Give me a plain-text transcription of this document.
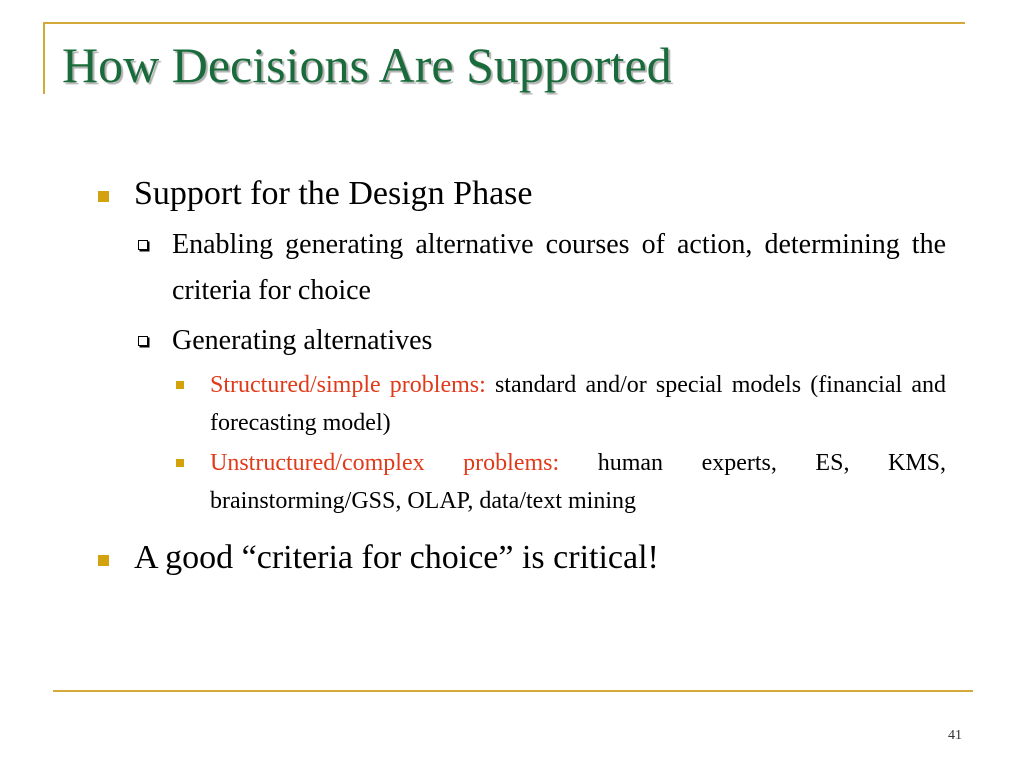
How Decisions Are Supported
Support for the Design Phase
Enabling generating alternative courses of action, determining the criteria for choice
Generating alternatives
Structured/simple problems: standard and/or special models (financial and forecasting model)
Unstructured/complex problems: human experts, ES, KMS, brainstorming/GSS, OLAP, data/text mining
A good “criteria for choice” is critical!
41
